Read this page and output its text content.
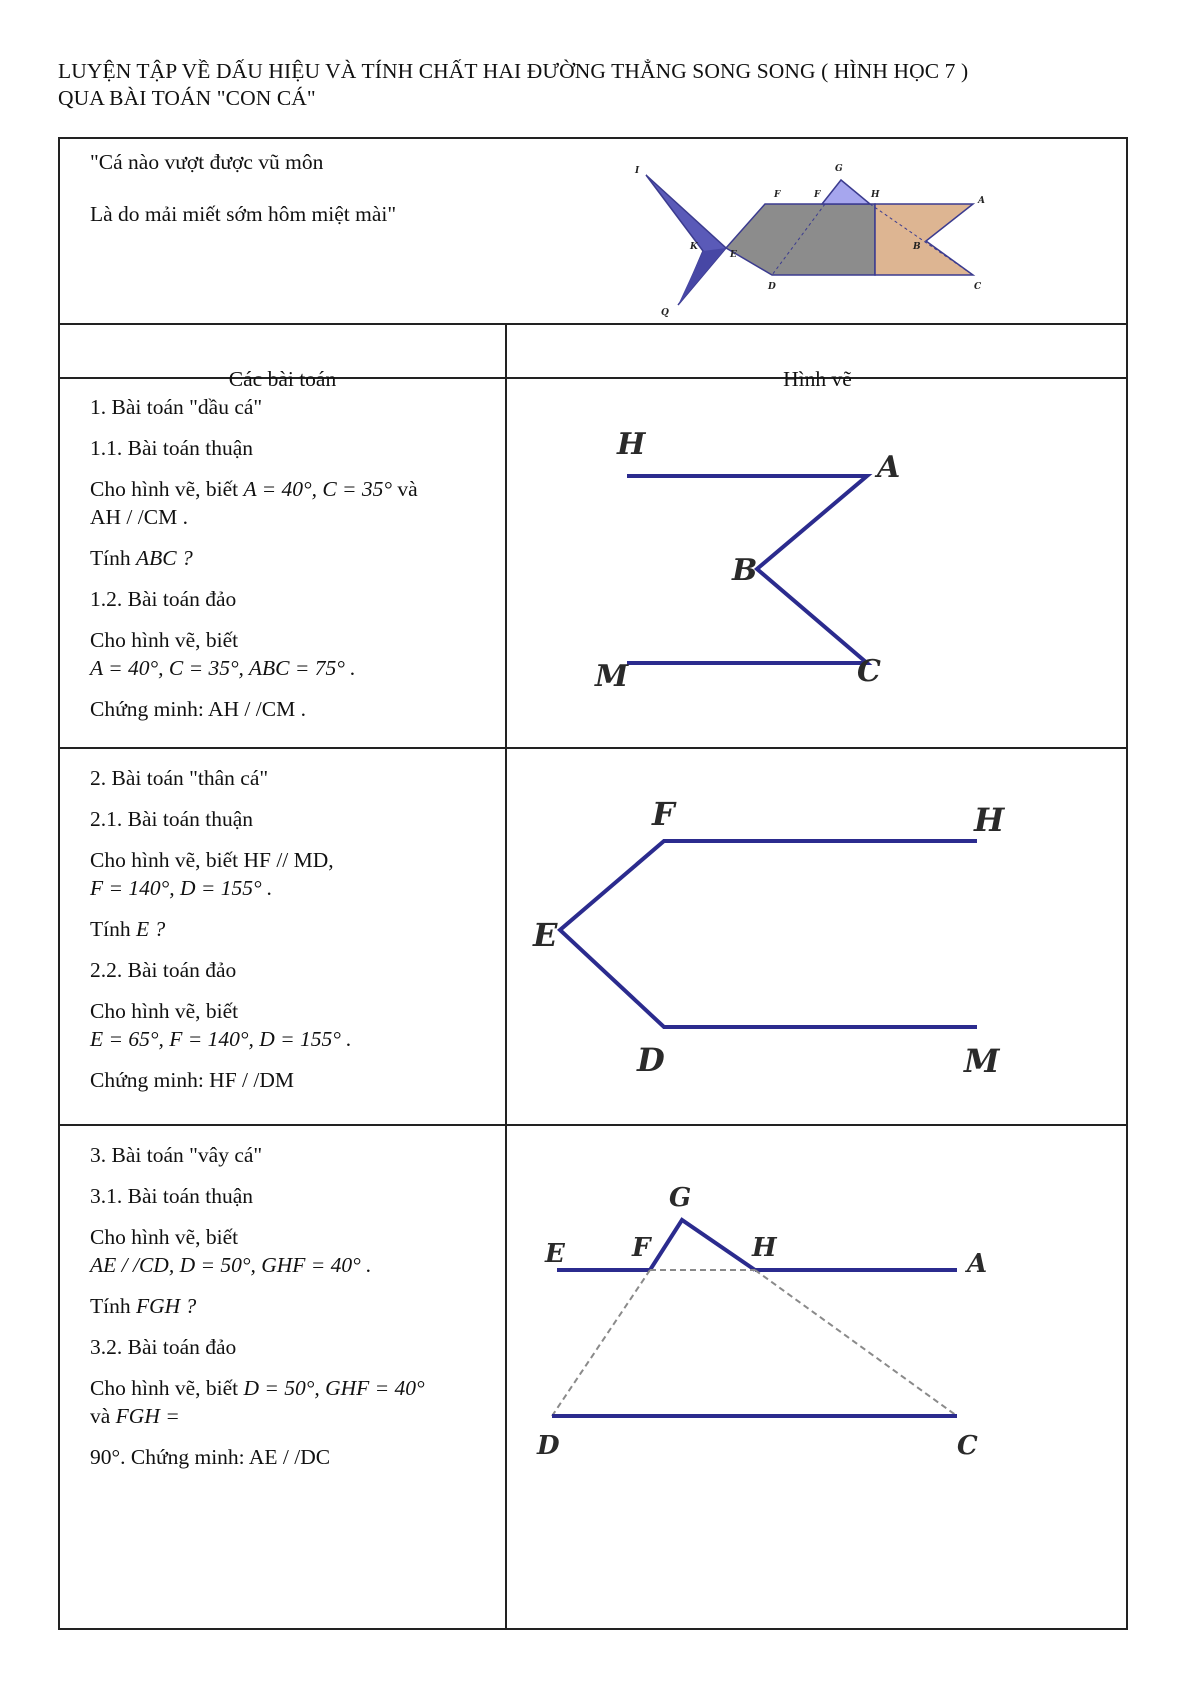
LUYỆN TẬP VỀ DẤU HIỆU VÀ TÍNH CHẤT HAI ĐƯỜNG THẲNG SONG SONG ( HÌNH HỌC 7 )
QUA BÀI TOÁN "CON CÁ"

"Cá nào vượt được vũ môn

Là do mải miết sớm hôm miệt mài"

I
K
Q
E
F	F
G
H
A
B
C
D
Các bài toán	Hình vẽ

1. Bài toán "dầu cá"

1.1. Bài toán thuận

Cho hình vẽ, biết A = 40°, C = 35° và

AH / /CM .

Tính ABC ?

1.2. Bài toán đảo

Cho hình vẽ, biết

A = 40°, C = 35°, ABC = 75° .

Chứng minh: AH / /CM .

H
A
B
M	C

2. Bài toán "thân cá"

2.1. Bài toán thuận

Cho hình vẽ, biết HF // MD,

F = 140°, D = 155° .

Tính E ?

2.2. Bài toán đảo

Cho hình vẽ, biết

E = 65°, F = 140°, D = 155° .

Chứng minh: HF / /DM

F	H
E
D	M

3. Bài toán "vây cá"

3.1. Bài toán thuận

Cho hình vẽ, biết

AE / /CD, D = 50°, GHF = 40° .

Tính FGH ?

3.2. Bài toán đảo

Cho hình vẽ, biết D = 50°, GHF = 40°

và FGH =

90°. Chứng minh: AE / /DC

G
E	F	H
A
D	C
